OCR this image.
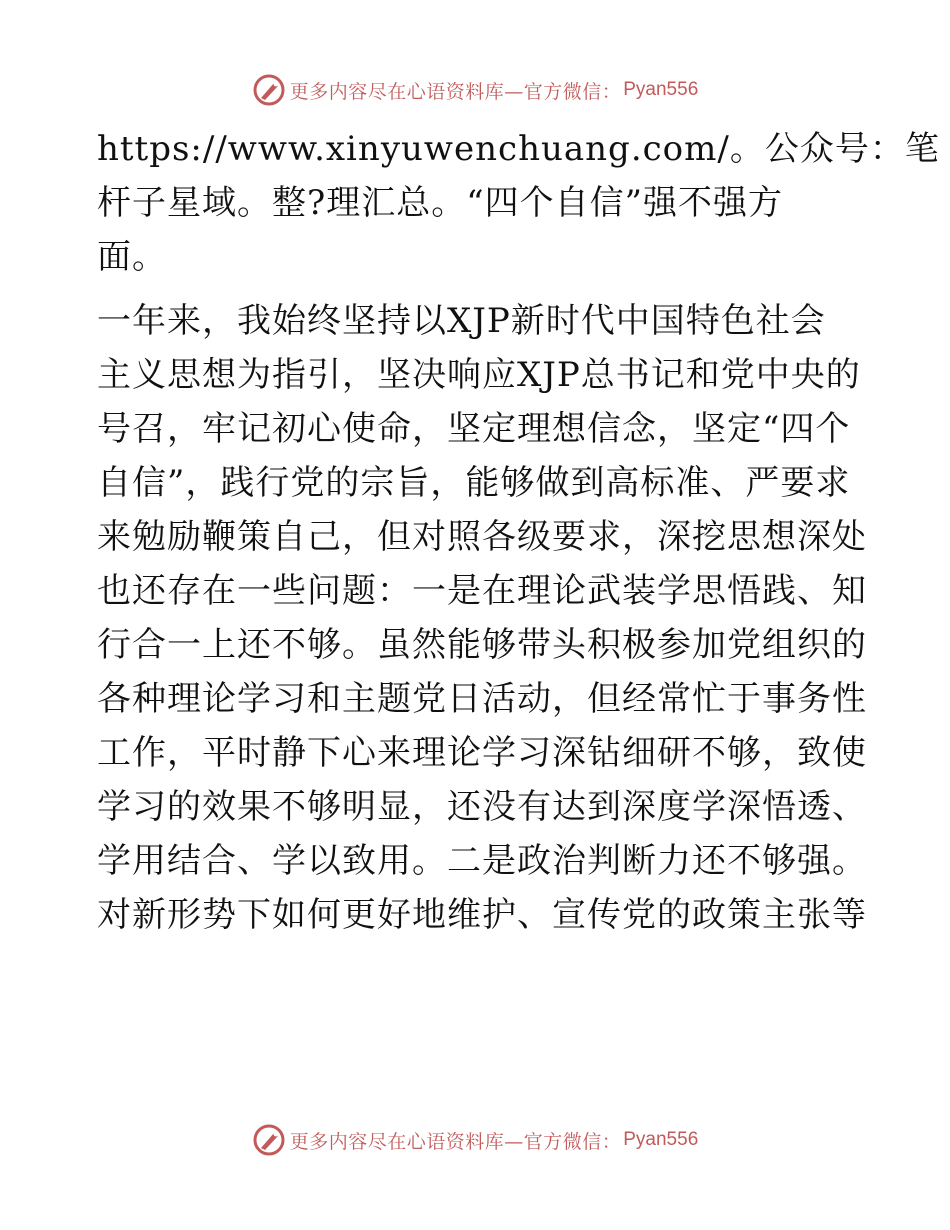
更多内容尽在心语资料库—官方微信： Pyan556
https://www.xinyuwenchuang.com/。公众号：笔
杆子星域。整?理汇总。“四个自信”强不强方
面。
一年来，我始终坚持以XJP新时代中国特色社会
主义思想为指引，坚决响应XJP总书记和党中央的
号召，牢记初心使命，坚定理想信念，坚定“四个
自信”，践行党的宗旨，能够做到高标准、严要求
来勉励鞭策自己，但对照各级要求，深挖思想深处
也还存在一些问题：一是在理论武装学思悟践、知
行合一上还不够。虽然能够带头积极参加党组织的
各种理论学习和主题党日活动，但经常忙于事务性
工作，平时静下心来理论学习深钻细研不够，致使
学习的效果不够明显，还没有达到深度学深悟透、
学用结合、学以致用。二是政治判断力还不够强。
对新形势下如何更好地维护、宣传党的政策主张等
更多内容尽在心语资料库—官方微信： Pyan556
